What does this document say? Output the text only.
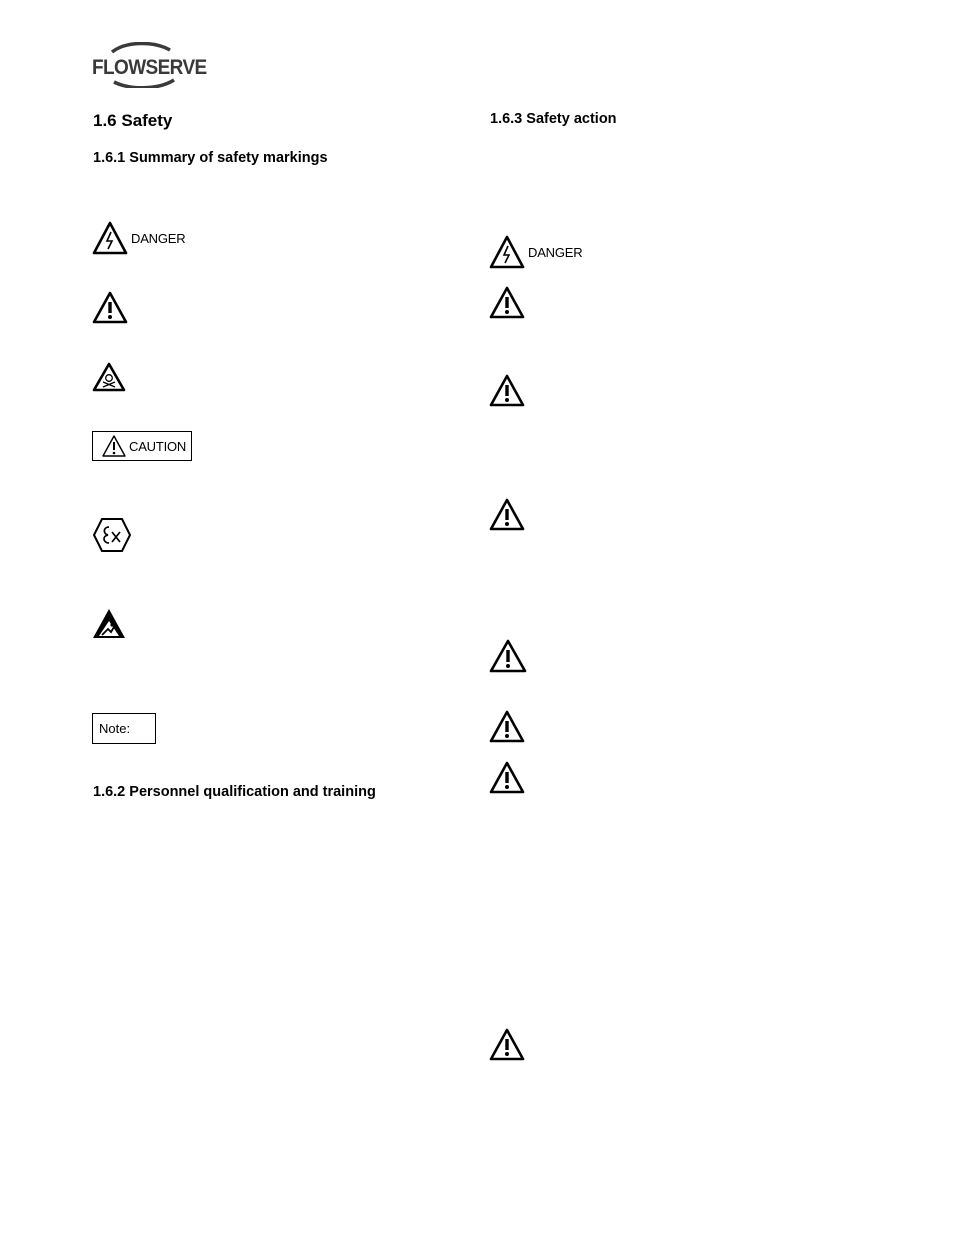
FLOWSERVE
1.6 Safety
1.6.1 Summary of safety markings
DANGER
CAUTION
Note:
1.6.2 Personnel qualification and training
1.6.3 Safety action
DANGER
